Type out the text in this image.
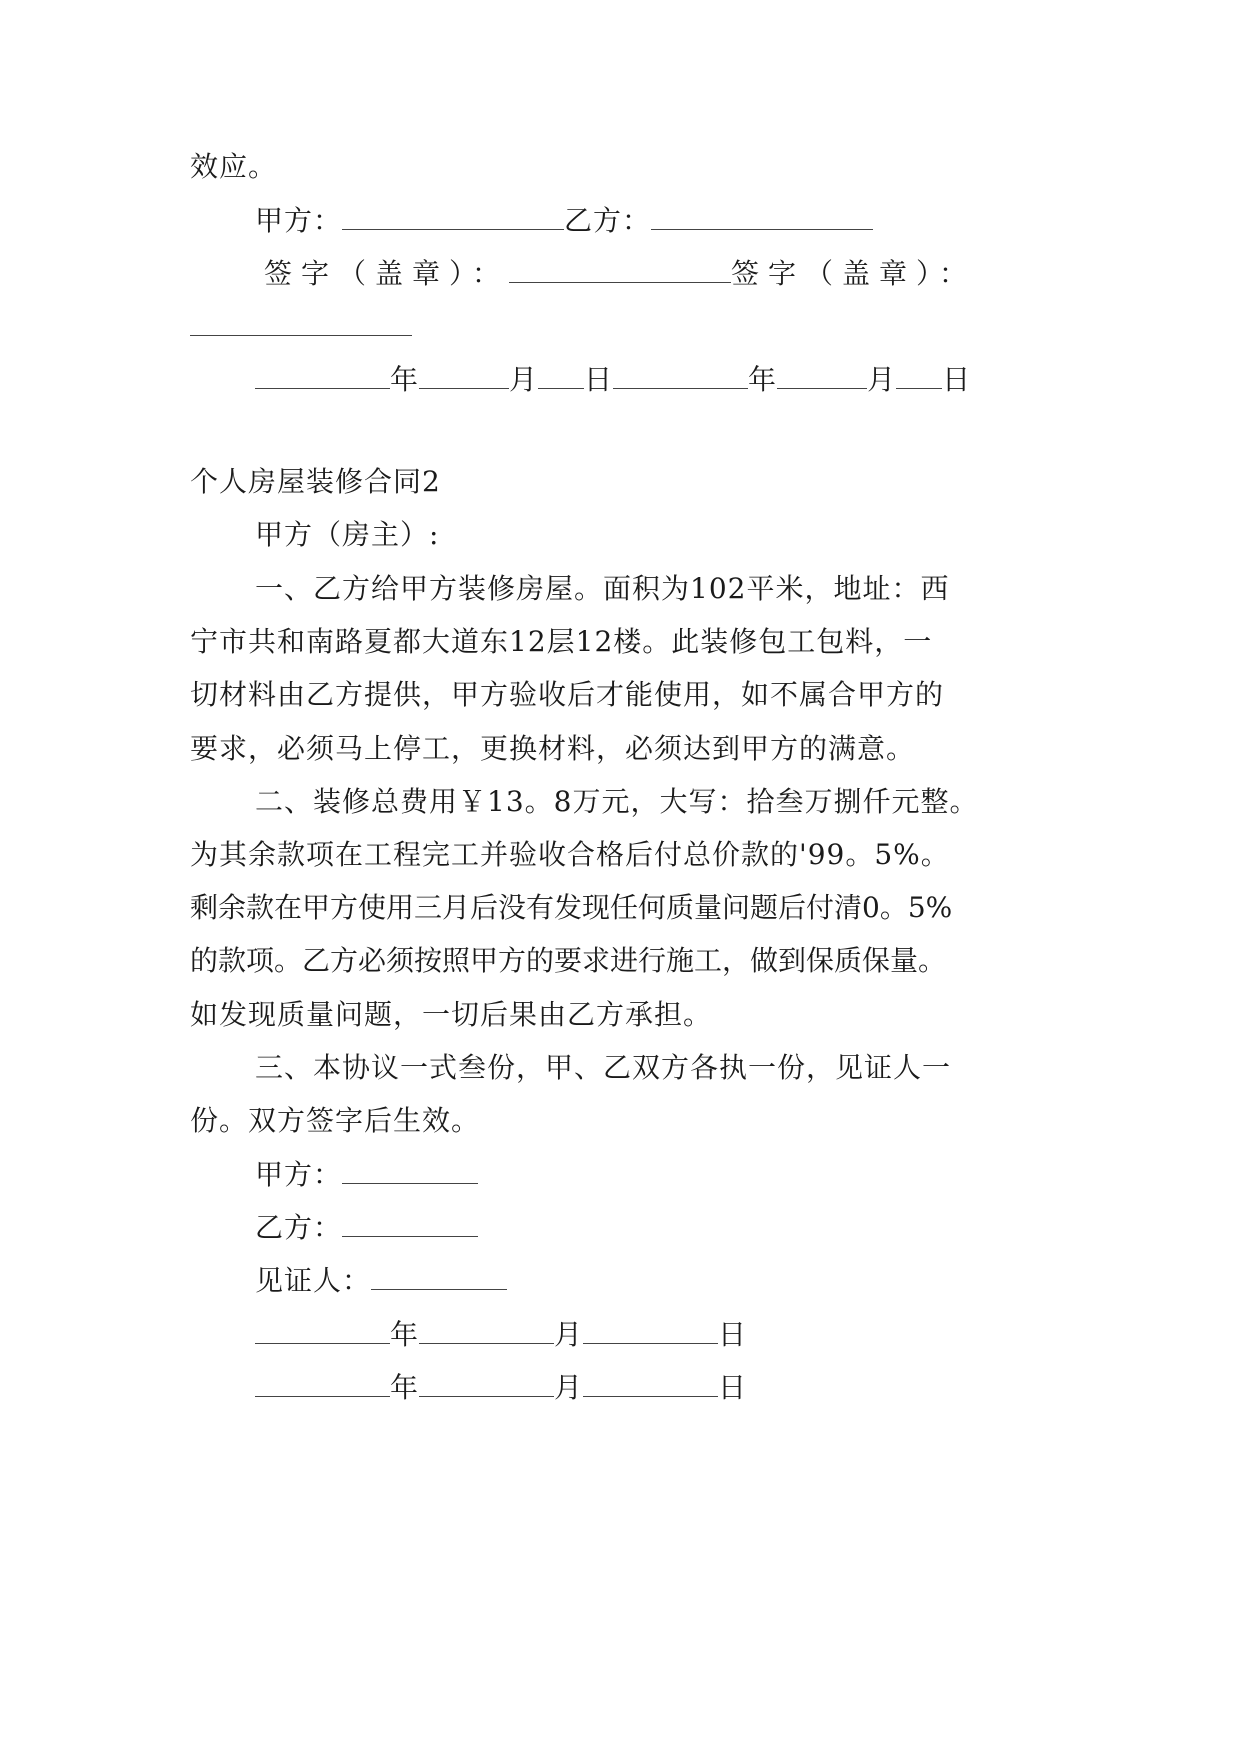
效应。
甲方：	乙方：
签字（盖章）：	签字（盖章）：
年	月 日	年	月 日
个人房屋装修合同2
甲方（房主）:
一、乙方给甲方装修房屋。面积为102平米，地址：西
宁市共和南路夏都大道东12层12楼。此装修包工包料，一
切材料由乙方提供，甲方验收后才能使用，如不属合甲方的
要求，必须马上停工，更换材料，必须达到甲方的满意。
二、装修总费用￥13。8万元，大写：拾叁万捌仟元整。
为其余款项在工程完工并验收合格后付总价款的'99。5%。
剩余款在甲方使用三月后没有发现任何质量问题后付清0。5%
的款项。乙方必须按照甲方的要求进行施工，做到保质保量。
如发现质量问题，一切后果由乙方承担。
三、本协议一式叁份，甲、乙双方各执一份，见证人一
份。双方签字后生效。
甲方：
乙方：
见证人：
年	月	日
年	月	日
